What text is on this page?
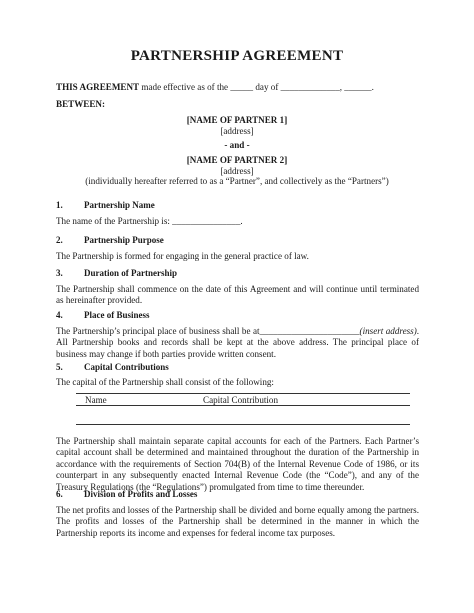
PARTNERSHIP AGREEMENT

THIS AGREEMENT made effective as of the _____ day of _____________, ______.

BETWEEN:

[NAME OF PARTNER 1]

[address]

- and -

[NAME OF PARTNER 2]

[address]

(individually hereafter referred to as a “Partner”, and collectively as the “Partners”)

1. Partnership Name

The name of the Partnership is: _______________.

2. Partnership Purpose

The Partnership is formed for engaging in the general practice of law.

3. Duration of Partnership

The Partnership shall commence on the date of this Agreement and will continue until terminated as hereinafter provided.

4. Place of Business

The Partnership’s principal place of business shall be at______________________(insert address). All Partnership books and records shall be kept at the above address. The principal place of business may change if both parties provide written consent.

5. Capital Contributions

The capital of the Partnership shall consist of the following:

Name	Capital Contribution

The Partnership shall maintain separate capital accounts for each of the Partners. Each Partner’s capital account shall be determined and maintained throughout the duration of the Partnership in accordance with the requirements of Section 704(B) of the Internal Revenue Code of 1986, or its counterpart in any subsequently enacted Internal Revenue Code (the “Code”), and any of the Treasury Regulations (the “Regulations”) promulgated from time to time thereunder.

6. Division of Profits and Losses

The net profits and losses of the Partnership shall be divided and borne equally among the partners. The profits and losses of the Partnership shall be determined in the manner in which the Partnership reports its income and expenses for federal income tax purposes.
